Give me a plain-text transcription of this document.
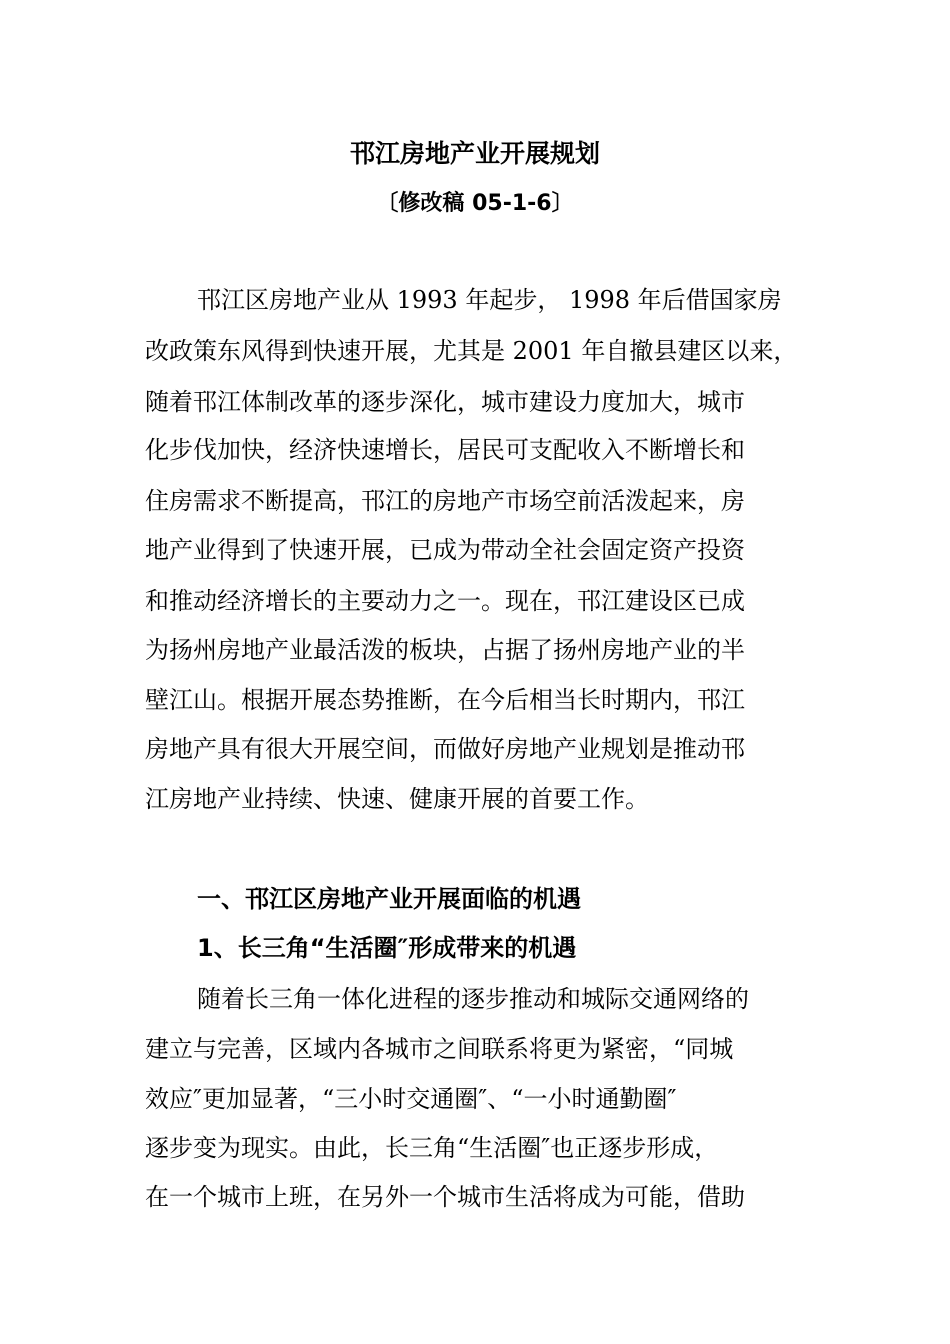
邗江房地产业开展规划
〔修改稿 05-1-6〕
邗江区房地产业从 1993 年起步， 1998 年后借国家房
改政策东风得到快速开展，尤其是 2001 年自撤县建区以来，
随着邗江体制改革的逐步深化，城市建设力度加大，城市
化步伐加快，经济快速增长，居民可支配收入不断增长和
住房需求不断提高，邗江的房地产市场空前活泼起来，房
地产业得到了快速开展，已成为带动全社会固定资产投资
和推动经济增长的主要动力之一。现在，邗江建设区已成
为扬州房地产业最活泼的板块，占据了扬州房地产业的半
壁江山。根据开展态势推断，在今后相当长时期内，邗江
房地产具有很大开展空间，而做好房地产业规划是推动邗
江房地产业持续、快速、健康开展的首要工作。
一、邗江区房地产业开展面临的机遇
1、长三角“生活圈″形成带来的机遇
随着长三角一体化进程的逐步推动和城际交通网络的
建立与完善，区域内各城市之间联系将更为紧密，“同城
效应″更加显著，“三小时交通圈″、“一小时通勤圈″
逐步变为现实。由此，长三角“生活圈″也正逐步形成，
在一个城市上班，在另外一个城市生活将成为可能，借助
